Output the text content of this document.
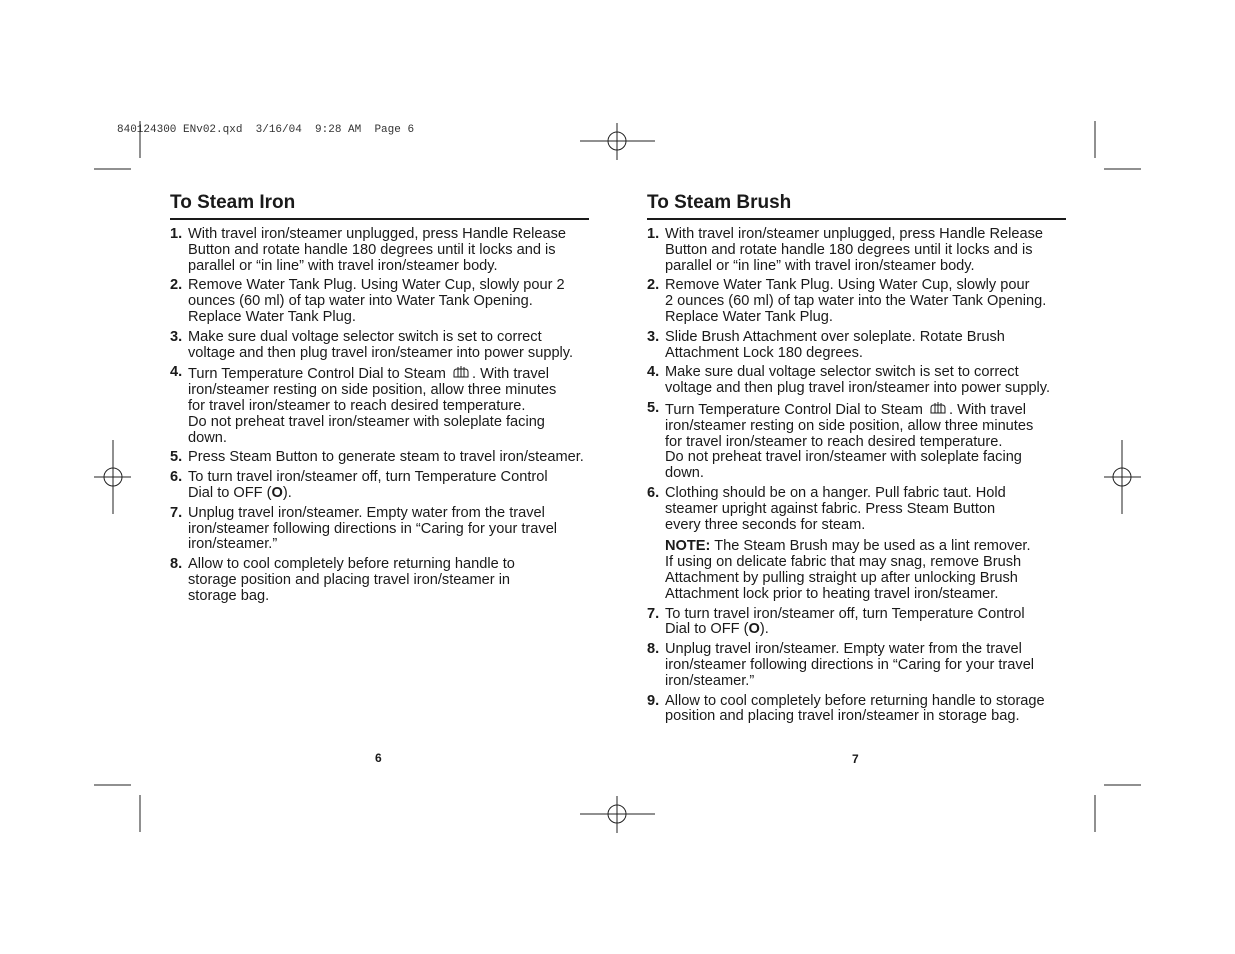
840124300 ENv02.qxd  3/16/04  9:28 AM  Page 6
To Steam Iron
1. With travel iron/steamer unplugged, press Handle Release
Button and rotate handle 180 degrees until it locks and is
parallel or “in line” with travel iron/steamer body.
2. Remove Water Tank Plug. Using Water Cup, slowly pour 2
ounces (60 ml) of tap water into Water Tank Opening.
Replace Water Tank Plug.
3. Make sure dual voltage selector switch is set to correct
voltage and then plug travel iron/steamer into power supply.
4. Turn Temperature Control Dial to Steam . With travel
iron/steamer resting on side position, allow three minutes
for travel iron/steamer to reach desired temperature.
Do not preheat travel iron/steamer with soleplate facing
down.
5. Press Steam Button to generate steam to travel iron/steamer.
6. To turn travel iron/steamer off, turn Temperature Control
Dial to OFF (O).
7. Unplug travel iron/steamer. Empty water from the travel
iron/steamer following directions in “Caring for your travel
iron/steamer.”
8. Allow to cool completely before returning handle to
storage position and placing travel iron/steamer in
storage bag.
To Steam Brush
1. With travel iron/steamer unplugged, press Handle Release
Button and rotate handle 180 degrees until it locks and is
parallel or “in line” with travel iron/steamer body.
2. Remove Water Tank Plug. Using Water Cup, slowly pour
2 ounces (60 ml) of tap water into the Water Tank Opening.
Replace Water Tank Plug.
3. Slide Brush Attachment over soleplate. Rotate Brush
Attachment Lock 180 degrees.
4. Make sure dual voltage selector switch is set to correct
voltage and then plug travel iron/steamer into power supply.
5. Turn Temperature Control Dial to Steam . With travel
iron/steamer resting on side position, allow three minutes
for travel iron/steamer to reach desired temperature.
Do not preheat travel iron/steamer with soleplate facing
down.
6. Clothing should be on a hanger. Pull fabric taut. Hold
steamer upright against fabric. Press Steam Button
every three seconds for steam.
NOTE: The Steam Brush may be used as a lint remover.
If using on delicate fabric that may snag, remove Brush
Attachment by pulling straight up after unlocking Brush
Attachment lock prior to heating travel iron/steamer.
7. To turn travel iron/steamer off, turn Temperature Control
Dial to OFF (O).
8. Unplug travel iron/steamer. Empty water from the travel
iron/steamer following directions in “Caring for your travel
iron/steamer.”
9. Allow to cool completely before returning handle to storage
position and placing travel iron/steamer in storage bag.
6	7
